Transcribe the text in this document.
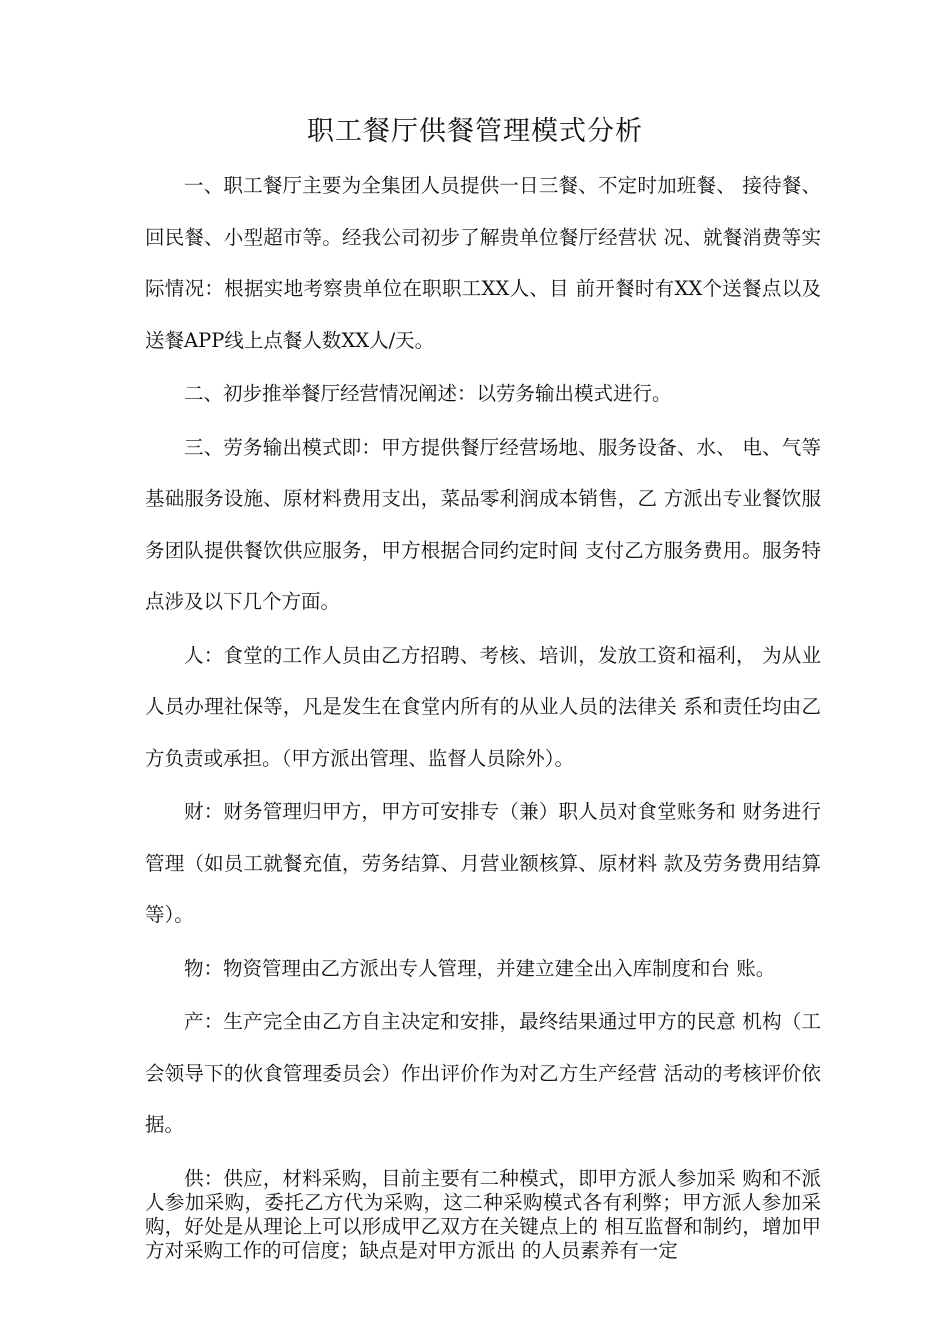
职工餐厅供餐管理模式分析

一、职工餐厅主要为全集团人员提供一日三餐、不定时加班餐、 接待餐、回民餐、小型超市等。经我公司初步了解贵单位餐厅经营状 况、就餐消费等实际情况：根据实地考察贵单位在职职工XX人、目 前开餐时有XX个送餐点以及送餐APP线上点餐人数XX人/天。

二、初步推举餐厅经营情况阐述：以劳务输出模式进行。

三、劳务输出模式即：甲方提供餐厅经营场地、服务设备、水、 电、气等基础服务设施、原材料费用支出，菜品零利润成本销售，乙 方派出专业餐饮服务团队提供餐饮供应服务，甲方根据合同约定时间 支付乙方服务费用。服务特点涉及以下几个方面。

人：食堂的工作人员由乙方招聘、考核、培训，发放工资和福利， 为从业人员办理社保等，凡是发生在食堂内所有的从业人员的法律关 系和责任均由乙方负责或承担。（甲方派出管理、监督人员除外）。

财：财务管理归甲方，甲方可安排专（兼）职人员对食堂账务和 财务进行管理（如员工就餐充值，劳务结算、月营业额核算、原材料 款及劳务费用结算等）。

物：物资管理由乙方派出专人管理，并建立建全出入库制度和台 账。

产：生产完全由乙方自主决定和安排，最终结果通过甲方的民意 机构（工会领导下的伙食管理委员会）作出评价作为对乙方生产经营 活动的考核评价依据。

供：供应，材料采购，目前主要有二种模式，即甲方派人参加采 购和不派人参加采购，委托乙方代为采购，这二种采购模式各有利弊；甲方派人参加采购，好处是从理论上可以形成甲乙双方在关键点上的 相互监督和制约，增加甲方对采购工作的可信度；缺点是对甲方派出 的人员素养有一定
